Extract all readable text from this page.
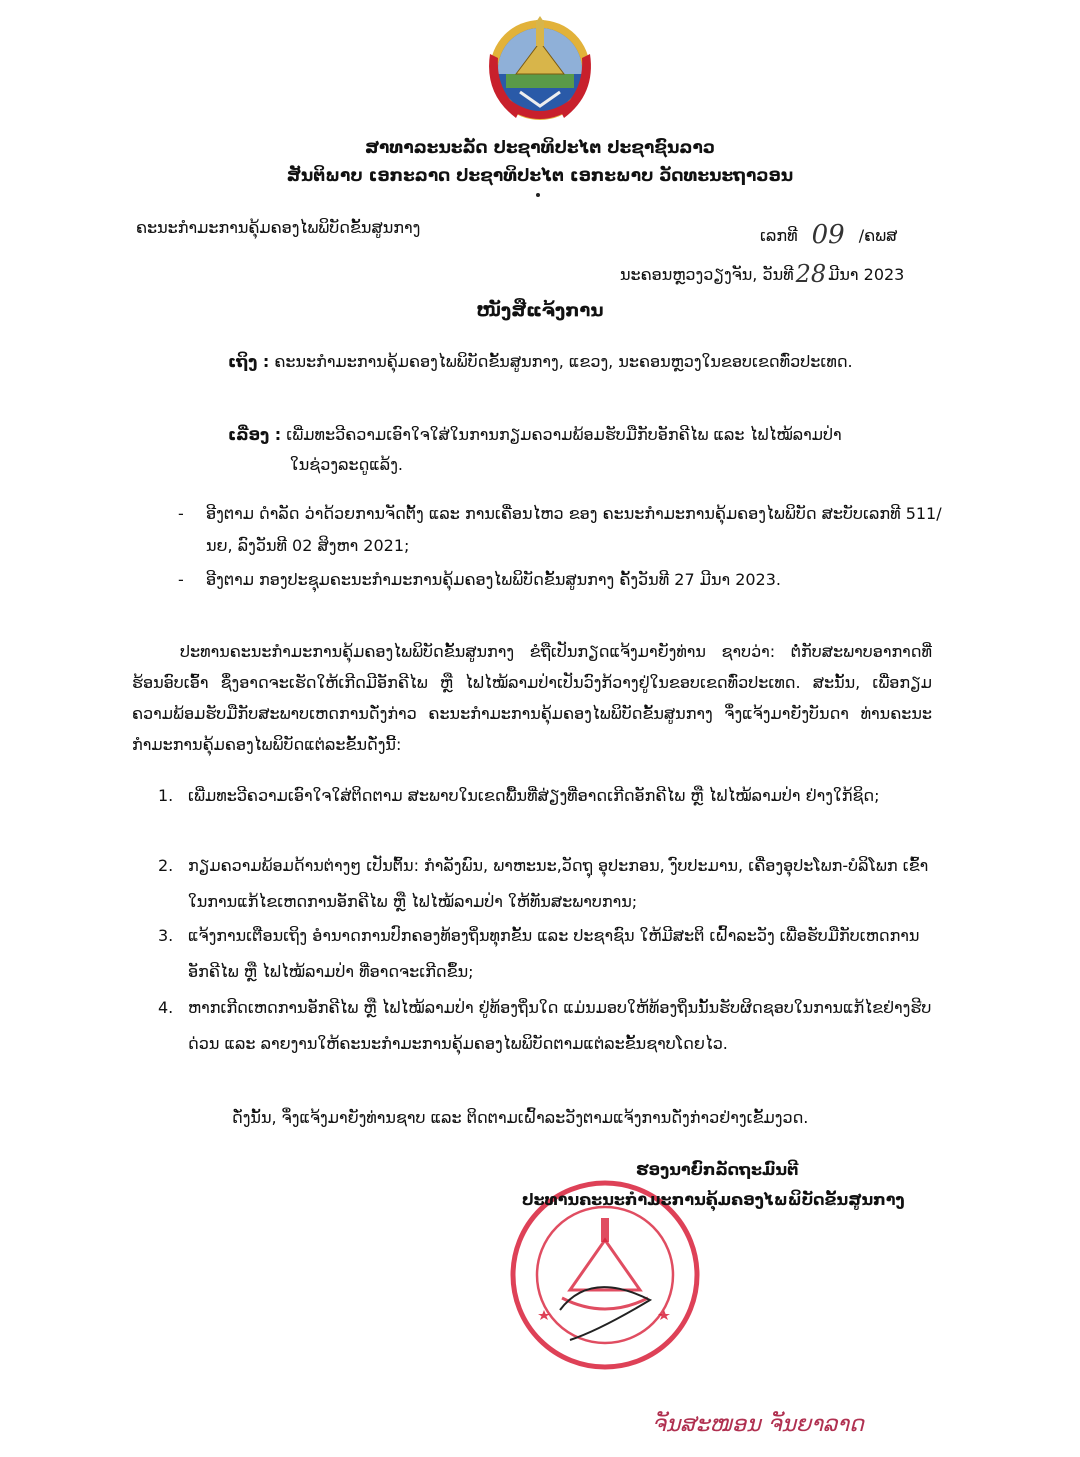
ສາທາລະນະລັດ ປະຊາທິປະໄຕ ປະຊາຊົນລາວ
ສັນຕິພາບ ເອກະລາດ ປະຊາທິປະໄຕ ເອກະພາບ ວັດທະນະຖາວອນ
ຄະນະກໍາມະການຄຸ້ມຄອງໄພພິບັດຂັ້ນສູນກາງ	ເລກທີ 09 /ຄພສ
ນະຄອນຫຼວງວຽງຈັນ, ວັນທີ28 ມີນາ 2023
ໜັງສືແຈ້ງການ
ເຖິງ : ຄະນະກໍາມະການຄຸ້ມຄອງໄພພິບັດຂັ້ນສູນກາງ, ແຂວງ, ນະຄອນຫຼວງໃນຂອບເຂດທົ່ວປະເທດ.
ເລື່ອງ : ເພີ່ມທະວີຄວາມເອົາໃຈໃສ່ໃນການກຽມຄວາມພ້ອມຮັບມືກັບອັກຄີໄພ ແລະ ໄຟໄໝ້ລາມປ່າ
ໃນຊ່ວງລະດູແລ້ງ.
-	ອີງຕາມ ດຳລັດ ວ່າດ້ວຍການຈັດຕັ້ງ ແລະ ການເຄື່ອນໄຫວ ຂອງ ຄະນະກຳມະການຄຸ້ມຄອງໄພພິບັດ ສະບັບເລກທີ 511/ນຍ, ລົງວັນທີ 02 ສິງຫາ 2021;
-	ອີງຕາມ ກອງປະຊຸມຄະນະກໍາມະການຄຸ້ມຄອງໄພພິບັດຂັ້ນສູນກາງ ຄັ້ງວັນທີ 27 ມີນາ 2023.
ປະທານຄະນະກໍາມະການຄຸ້ມຄອງໄພພິບັດຂັ້ນສູນກາງ ຂໍຖືເປັນກຽດແຈ້ງມາຍັງທ່ານ ຊາບວ່າ: ຕໍ່ກັບສະພາບອາກາດທີ່ຮ້ອນອົບເອົ້າ ຊຶ່ງອາດຈະເຮັດໃຫ້ເກີດມີອັກຄີໄພ ຫຼື ໄຟໄໝ້ລາມປ່າເປັນວົງກ້ວາງຢູ່ໃນຂອບເຂດທົ່ວປະເທດ. ສະນັ້ນ, ເພື່ອກຽມຄວາມພ້ອມຮັບມືກັບສະພາບເຫດການດັ່ງກ່າວ ຄະນະກໍາມະການຄຸ້ມຄອງໄພພິບັດຂັ້ນສູນກາງ ຈຶ່ງແຈ້ງມາຍັງບັນດາ ທ່ານຄະນະກໍາມະການຄຸ້ມຄອງໄພພິບັດແຕ່ລະຂັ້ນດັ່ງນີ້:
1. ເພີ່ມທະວີຄວາມເອົາໃຈໃສ່ຕິດຕາມ ສະພາບໃນເຂດພື້ນທີ່ສ່ຽງທີ່ອາດເກີດອັກຄີໄພ ຫຼື ໄຟໄໝ້ລາມປ່າ ຢ່າງໃກ້ຊິດ;
2. ກຽມຄວາມພ້ອມດ້ານຕ່າງໆ ເປັນຕົ້ນ: ກໍາລັງພົນ, ພາຫະນະ,ວັດຖຸ ອຸປະກອນ, ງົບປະມານ, ເຄື່ອງອຸປະໂພກ-ບໍລິໂພກ ເຂົ້າໃນການແກ້ໄຂເຫດການອັກຄີໄພ ຫຼື ໄຟໄໝ້ລາມປ່າ ໃຫ້ທັນສະພາບການ;
3. ແຈ້ງການເຕືອນເຖິງ ອໍານາດການປົກຄອງທ້ອງຖິ່ນທຸກຂັ້ນ ແລະ ປະຊາຊົນ ໃຫ້ມີສະຕິ ເຝົ້າລະວັງ ເພື່ອຮັບມືກັບເຫດການອັກຄີໄພ ຫຼື ໄຟໄໝ້ລາມປ່າ ທີ່ອາດຈະເກີດຂຶ້ນ;
4. ຫາກເກີດເຫດການອັກຄີໄພ ຫຼື ໄຟໄໝ້ລາມປ່າ ຢູ່ທ້ອງຖິ່ນໃດ ແມ່ນມອບໃຫ້ທ້ອງຖິ່ນນັ້ນຮັບຜິດຊອບໃນການແກ້ໄຂຢ່າງຮີບດ່ວນ ແລະ ລາຍງານໃຫ້ຄະນະກໍາມະການຄຸ້ມຄອງໄພພິບັດຕາມແຕ່ລະຂັ້ນຊາບໂດຍໄວ.
ດັ່ງນັ້ນ, ຈຶ່ງແຈ້ງມາຍັງທ່ານຊາບ ແລະ ຕິດຕາມເຝົ້າລະວັງຕາມແຈ້ງການດັ່ງກ່າວຢ່າງເຂັ້ມງວດ.
ຮອງນາຍົກລັດຖະມົນຕີ
ປະທານຄະນະກໍາມະການຄຸ້ມຄອງໄພພິບັດຂັ້ນສູນກາງ
ຈັນສະໜອນ ຈັນຍາລາດ
